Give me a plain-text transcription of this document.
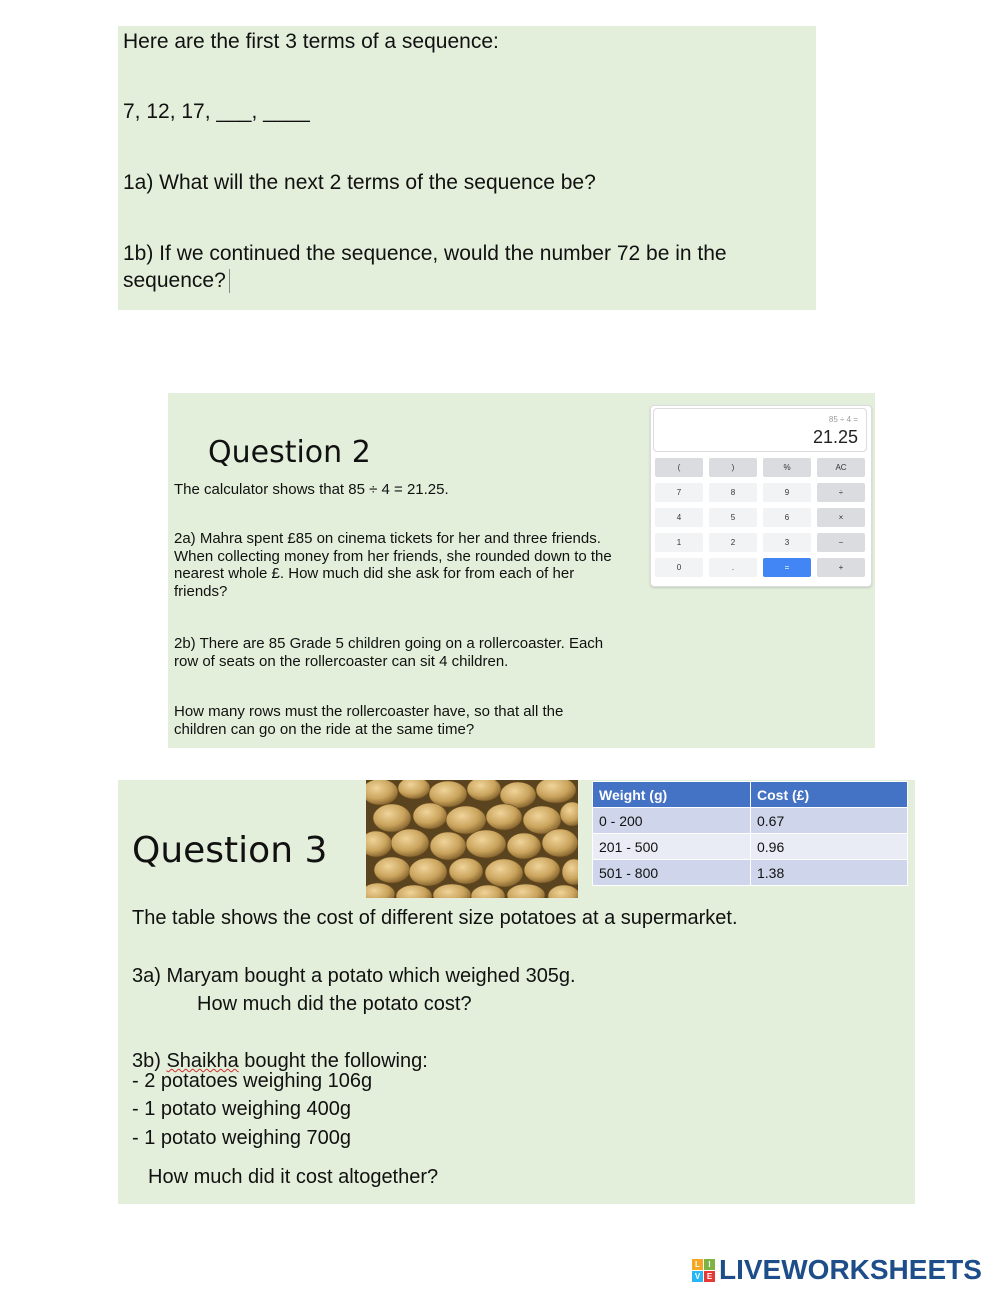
Here are the first 3 terms of a sequence:
7, 12, 17, ___, ____
1a) What will the next 2 terms of the sequence be?
1b) If we continued the sequence, would the number 72 be in the
sequence?
Question 2
The calculator shows that 85 ÷ 4 = 21.25.
2a) Mahra spent £85 on cinema tickets for her and three friends. When collecting money from her friends, she rounded down to the nearest whole £. How much did she ask for from each of her friends?
2b) There are 85 Grade 5 children going on a rollercoaster. Each row of seats on the rollercoaster can sit 4 children.
How many rows must the rollercoaster have, so that all the children can go on the ride at the same time?
85 ÷ 4 =
21.25
(	)	%	AC
7	8	9	÷
4	5	6	×
1	2	3	−
0	.	=	+
Question 3
The table shows the cost of different size potatoes at a supermarket.
3a) Maryam bought a potato which weighed 305g.
How much did the potato cost?
3b) Shaikha bought the following:
- 2 potatoes weighing 106g
- 1 potato weighing 400g
- 1 potato weighing 700g
How much did it cost altogether?
Weight (g)	Cost (£)
0 - 200	0.67
201 - 500	0.96
501 - 800	1.38
L	I
V E LIVEWORKSHEETS
